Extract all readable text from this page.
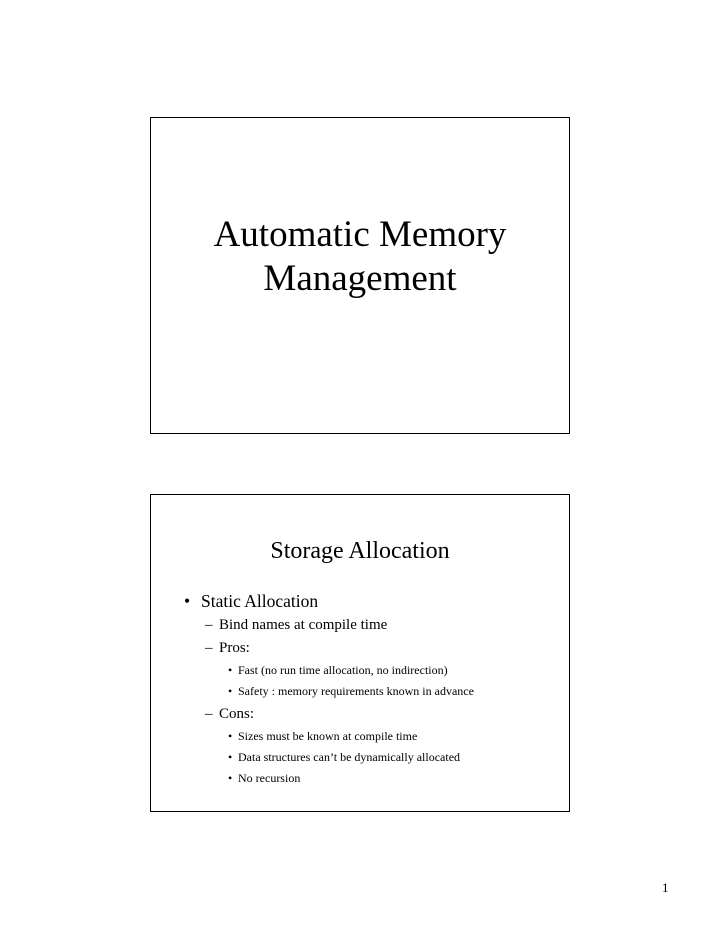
Automatic Memory
Management
Storage Allocation
• Static Allocation
– Bind names at compile time
– Pros:
• Fast (no run time allocation, no indirection)
• Safety : memory requirements known in advance
– Cons:
• Sizes must be known at compile time
• Data structures can’t be dynamically allocated
• No recursion
1
